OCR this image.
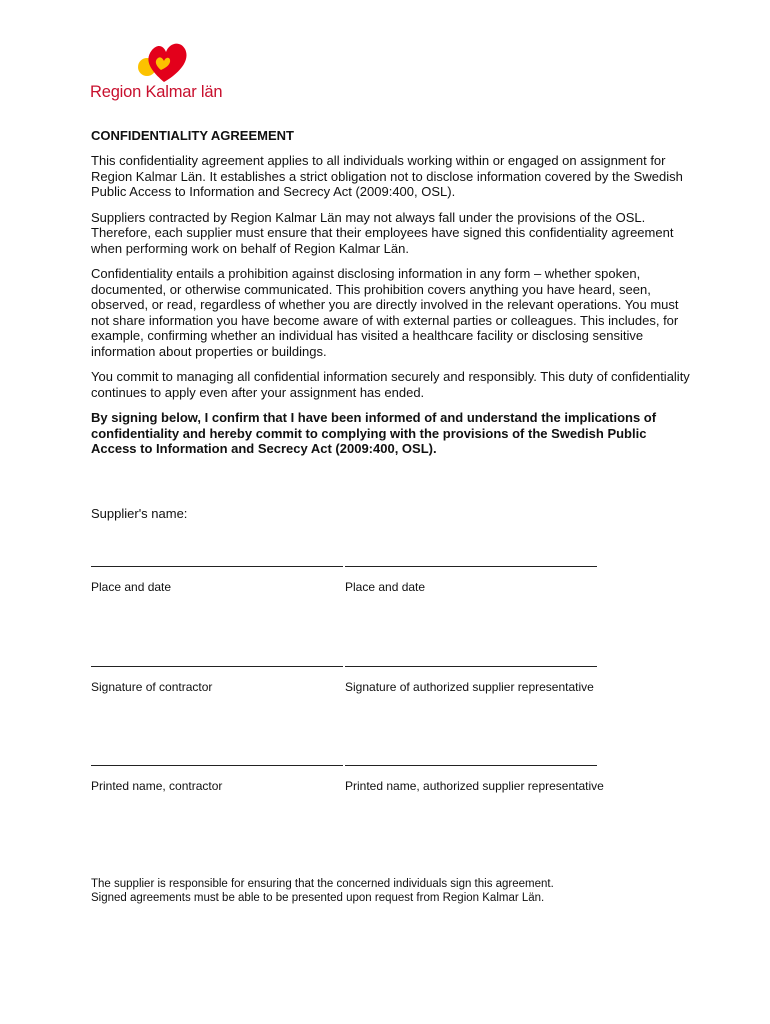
Region Kalmar län
CONFIDENTIALITY AGREEMENT

This confidentiality agreement applies to all individuals working within or engaged on assignment for Region Kalmar Län. It establishes a strict obligation not to disclose information covered by the Swedish Public Access to Information and Secrecy Act (2009:400, OSL).

Suppliers contracted by Region Kalmar Län may not always fall under the provisions of the OSL. Therefore, each supplier must ensure that their employees have signed this confidentiality agreement when performing work on behalf of Region Kalmar Län.

Confidentiality entails a prohibition against disclosing information in any form – whether spoken, documented, or otherwise communicated. This prohibition covers anything you have heard, seen, observed, or read, regardless of whether you are directly involved in the relevant operations. You must not share information you have become aware of with external parties or colleagues. This includes, for example, confirming whether an individual has visited a healthcare facility or disclosing sensitive information about properties or buildings.

You commit to managing all confidential information securely and responsibly. This duty of confidentiality continues to apply even after your assignment has ended.

By signing below, I confirm that I have been informed of and understand the implications of confidentiality and hereby commit to complying with the provisions of the Swedish Public Access to Information and Secrecy Act (2009:400, OSL).

Supplier's name:
Place and date	Place and date
Signature of contractor	Signature of authorized supplier representative
Printed name, contractor	Printed name, authorized supplier representative
The supplier is responsible for ensuring that the concerned individuals sign this agreement.
Signed agreements must be able to be presented upon request from Region Kalmar Län.
